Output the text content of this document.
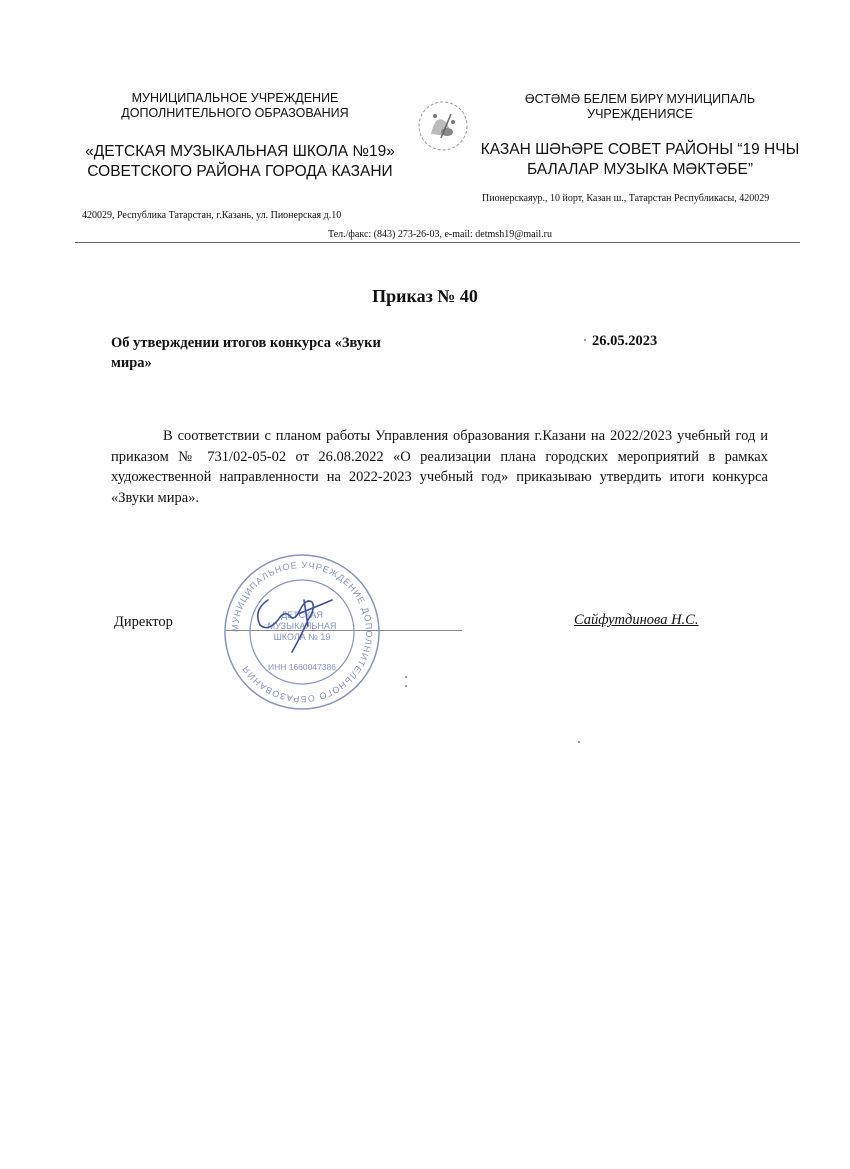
МУНИЦИПАЛЬНОЕ УЧРЕЖДЕНИЕ ДОПОЛНИТЕЛЬНОГО ОБРАЗОВАНИЯ
«ДЕТСКАЯ МУЗЫКАЛЬНАЯ ШКОЛА №19» СОВЕТСКОГО РАЙОНА ГОРОДА КАЗАНИ
420029, Республика Татарстан, г.Казань, ул. Пионерская д.10
ӨСТӘМӘ БЕЛЕМ БИРҮ МУНИЦИПАЛЬ УЧРЕЖДЕНИЯСЕ
КАЗАН ШӘҺӘРЕ СОВЕТ РАЙОНЫ “19 НЧЫ БАЛАЛАР МУЗЫКА МӘКТӘБЕ”
Пионерскаяур., 10 йорт, Казан ш., Татарстан Республикасы, 420029
Тел./факс: (843) 273-26-03, e-mail: detmsh19@mail.ru
Приказ № 40
Об утверждении итогов конкурса «Звуки мира»
26.05.2023
В соответствии с планом работы Управления образования г.Казани на 2022/2023 учебный год и приказом № 731/02-05-02 от 26.08.2022 «О реализации плана городских мероприятий в рамках художественной направленности на 2022-2023 учебный год» приказываю утвердить итоги конкурса «Звуки мира».
МУНИЦИПАЛЬНОЕ УЧРЕЖДЕНИЕ ДОПОЛНИТЕЛЬНОГО ОБРАЗОВАНИЯ
ДЕТСКАЯ МУЗЫКАЛЬНАЯ ШКОЛА № 19
ИНН 1660047386
Директор	Сайфутдинова Н.С.
